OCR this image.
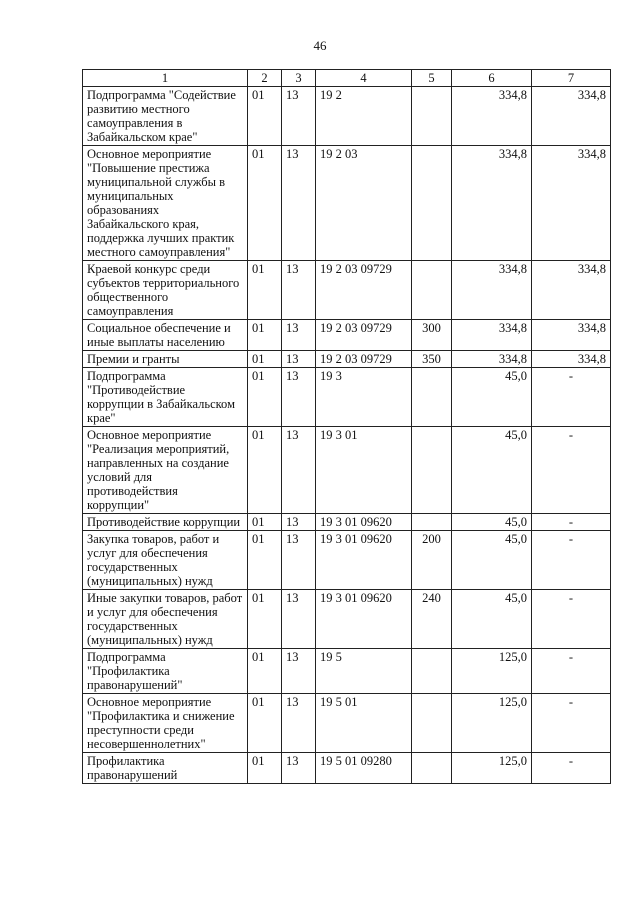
46
1	2	3	4	5	6	7
Подпрограмма "Содействие развитию местного самоуправления в Забайкальском крае"	01	13	19 2		334,8	334,8
Основное мероприятие "Повышение престижа муниципальной службы в муниципальных образованиях Забайкальского края, поддержка лучших практик местного самоуправления"	01	13	19 2 03		334,8	334,8
Краевой конкурс среди субъектов территориального общественного самоуправления	01	13	19 2 03 09729		334,8	334,8
Социальное обеспечение и иные выплаты населению	01	13	19 2 03 09729	300	334,8	334,8
Премии и гранты	01	13	19 2 03 09729	350	334,8	334,8
Подпрограмма "Противодействие коррупции в Забайкальском крае"	01	13	19 3		45,0	-
Основное мероприятие "Реализация мероприятий, направленных на создание условий для противодействия коррупции"	01	13	19 3 01		45,0	-
Противодействие коррупции	01	13	19 3 01 09620		45,0	-
Закупка товаров, работ и услуг для обеспечения государственных (муниципальных) нужд	01	13	19 3 01 09620	200	45,0	-
Иные закупки товаров, работ и услуг для обеспечения государственных (муниципальных) нужд	01	13	19 3 01 09620	240	45,0	-
Подпрограмма "Профилактика правонарушений"	01	13	19 5		125,0	-
Основное мероприятие "Профилактика и снижение преступности среди несовершеннолетних"	01	13	19 5 01		125,0	-
Профилактика правонарушений	01	13	19 5 01 09280		125,0	-
